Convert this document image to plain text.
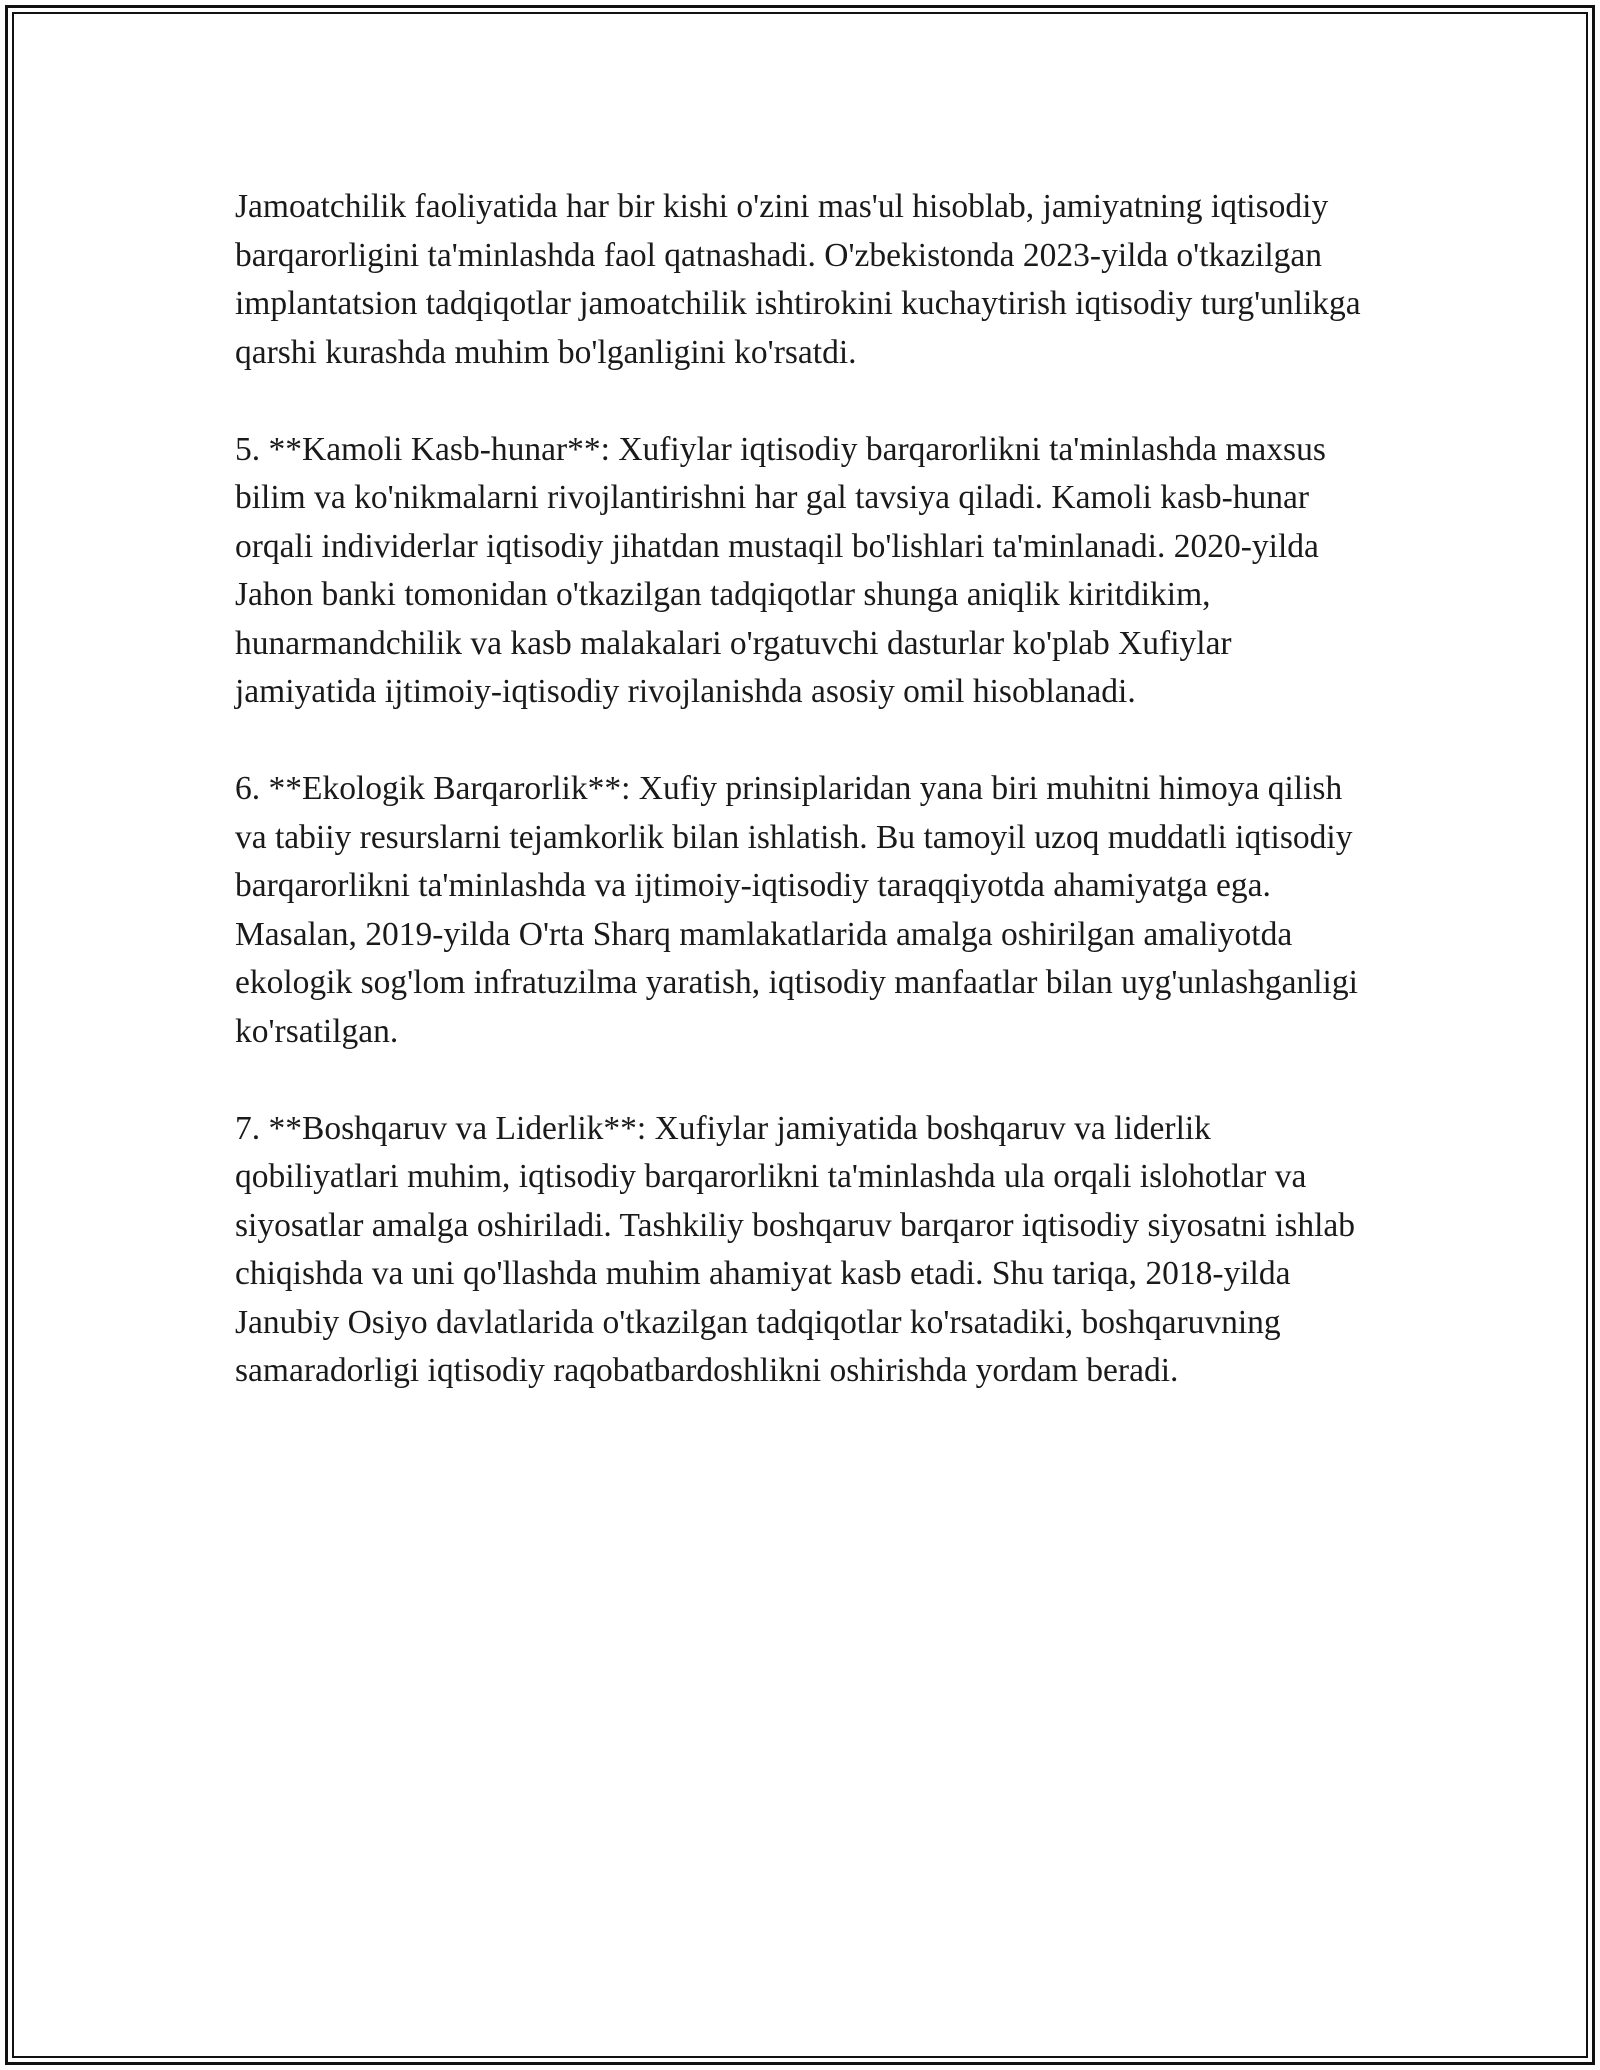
Jamoatchilik faoliyatida har bir kishi o'zini mas'ul hisoblab, jamiyatning iqtisodiy barqarorligini ta'minlashda faol qatnashadi. O'zbekistonda 2023-yilda o'tkazilgan implantatsion tadqiqotlar jamoatchilik ishtirokini kuchaytirish iqtisodiy turg'unlikga qarshi kurashda muhim bo'lganligini ko'rsatdi.

5. **Kamoli Kasb-hunar**: Xufiylar iqtisodiy barqarorlikni ta'minlashda maxsus bilim va ko'nikmalarni rivojlantirishni har gal tavsiya qiladi. Kamoli kasb-hunar orqali individerlar iqtisodiy jihatdan mustaqil bo'lishlari ta'minlanadi. 2020-yilda Jahon banki tomonidan o'tkazilgan tadqiqotlar shunga aniqlik kiritdikim, hunarmandchilik va kasb malakalari o'rgatuvchi dasturlar ko'plab Xufiylar jamiyatida ijtimoiy-iqtisodiy rivojlanishda asosiy omil hisoblanadi.

6. **Ekologik Barqarorlik**: Xufiy prinsiplaridan yana biri muhitni himoya qilish va tabiiy resurslarni tejamkorlik bilan ishlatish. Bu tamoyil uzoq muddatli iqtisodiy barqarorlikni ta'minlashda va ijtimoiy-iqtisodiy taraqqiyotda ahamiyatga ega. Masalan, 2019-yilda O'rta Sharq mamlakatlarida amalga oshirilgan amaliyotda ekologik sog'lom infratuzilma yaratish, iqtisodiy manfaatlar bilan uyg'unlashganligi ko'rsatilgan.

7. **Boshqaruv va Liderlik**: Xufiylar jamiyatida boshqaruv va liderlik qobiliyatlari muhim, iqtisodiy barqarorlikni ta'minlashda ula orqali islohotlar va siyosatlar amalga oshiriladi. Tashkiliy boshqaruv barqaror iqtisodiy siyosatni ishlab chiqishda va uni qo'llashda muhim ahamiyat kasb etadi. Shu tariqa, 2018-yilda Janubiy Osiyo davlatlarida o'tkazilgan tadqiqotlar ko'rsatadiki, boshqaruvning samaradorligi iqtisodiy raqobatbardoshlikni oshirishda yordam beradi.
